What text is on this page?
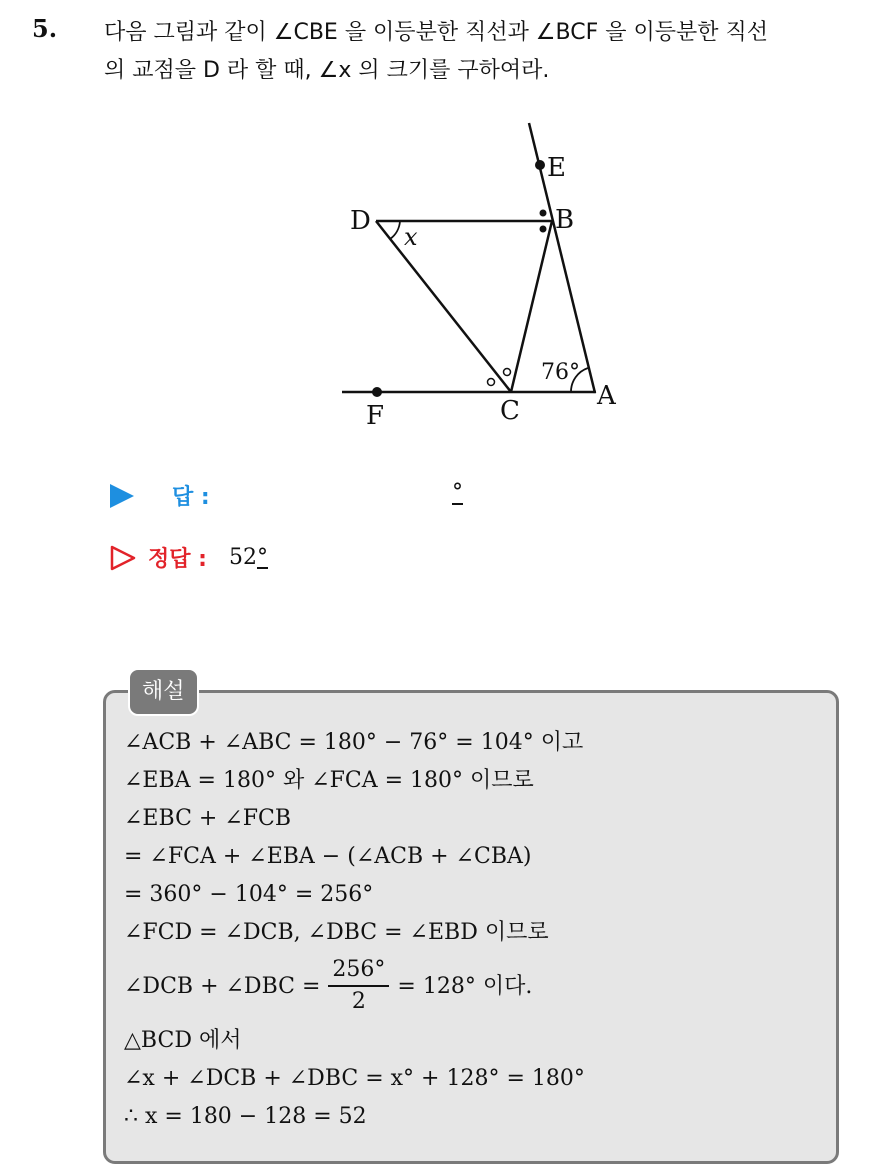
5. 다음 그림과 같이 ∠CBE 을 이등분한 직선과 ∠BCF 을 이등분한 직선
의 교점을 D 라 할 때, ∠x 의 크기를 구하여라.
E
B
D
x
76°
A
C
F
답 :	°
정답 : 52°
해설
∠ACB + ∠ABC = 180° − 76° = 104° 이고
∠EBA = 180° 와 ∠FCA = 180° 이므로
∠EBC + ∠FCB
= ∠FCA + ∠EBA − (∠ACB + ∠CBA)
= 360° − 104° = 256°
∠FCD = ∠DCB, ∠DBC = ∠EBD 이므로
∠DCB + ∠DBC = $\frac{256^\circ}{2} = 128^\circ$ 이다.
△BCD 에서
∠x + ∠DCB + ∠DBC = x° + 128° = 180°
∴ x = 180 − 128 = 52
